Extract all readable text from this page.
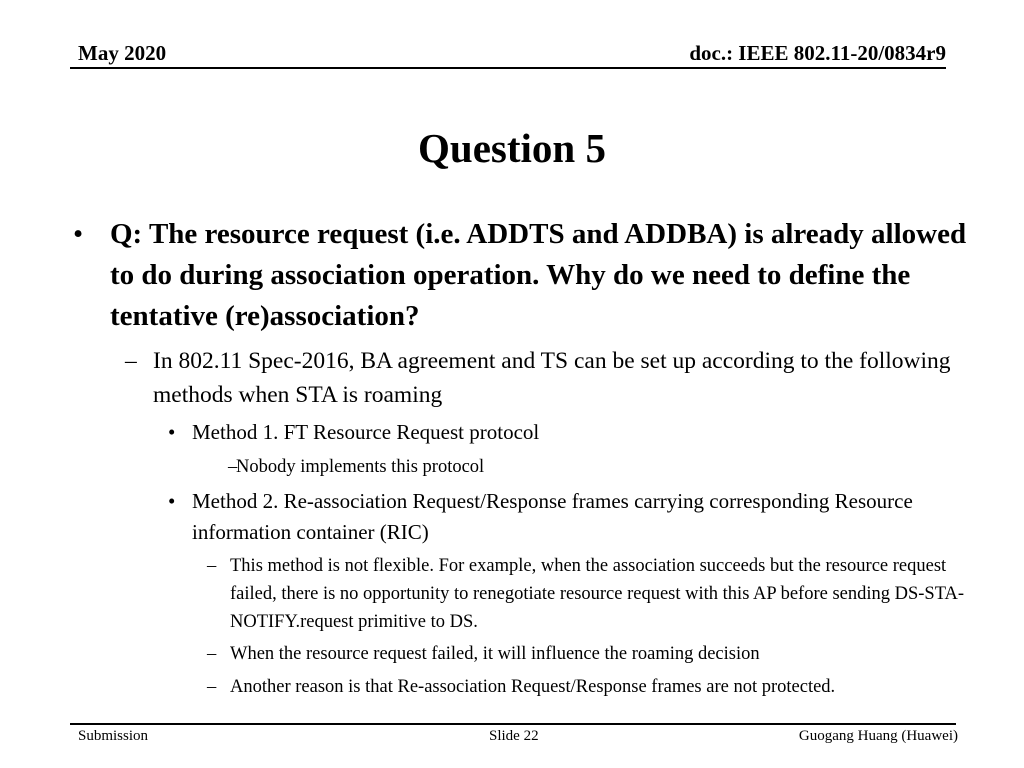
May 2020	doc.: IEEE 802.11-20/0834r9
Question 5
• Q: The resource request (i.e. ADDTS and ADDBA) is already allowed to do during association operation. Why do we need to define the tentative (re)association?
– In 802.11 Spec-2016, BA agreement and TS can be set up according to the following methods when STA is roaming
• Method 1. FT Resource Request protocol
–
Nobody implements this protocol
• Method 2. Re-association Request/Response frames carrying corresponding Resource information container (RIC)
– This method is not flexible. For example, when the association succeeds but the resource request failed, there is no opportunity to renegotiate resource request with this AP before sending DS-STA-NOTIFY.request primitive to DS.
– When the resource request failed, it will influence the roaming decision
– Another reason is that Re-association Request/Response frames are not protected.
Submission	Slide 22	Guogang Huang (Huawei)
